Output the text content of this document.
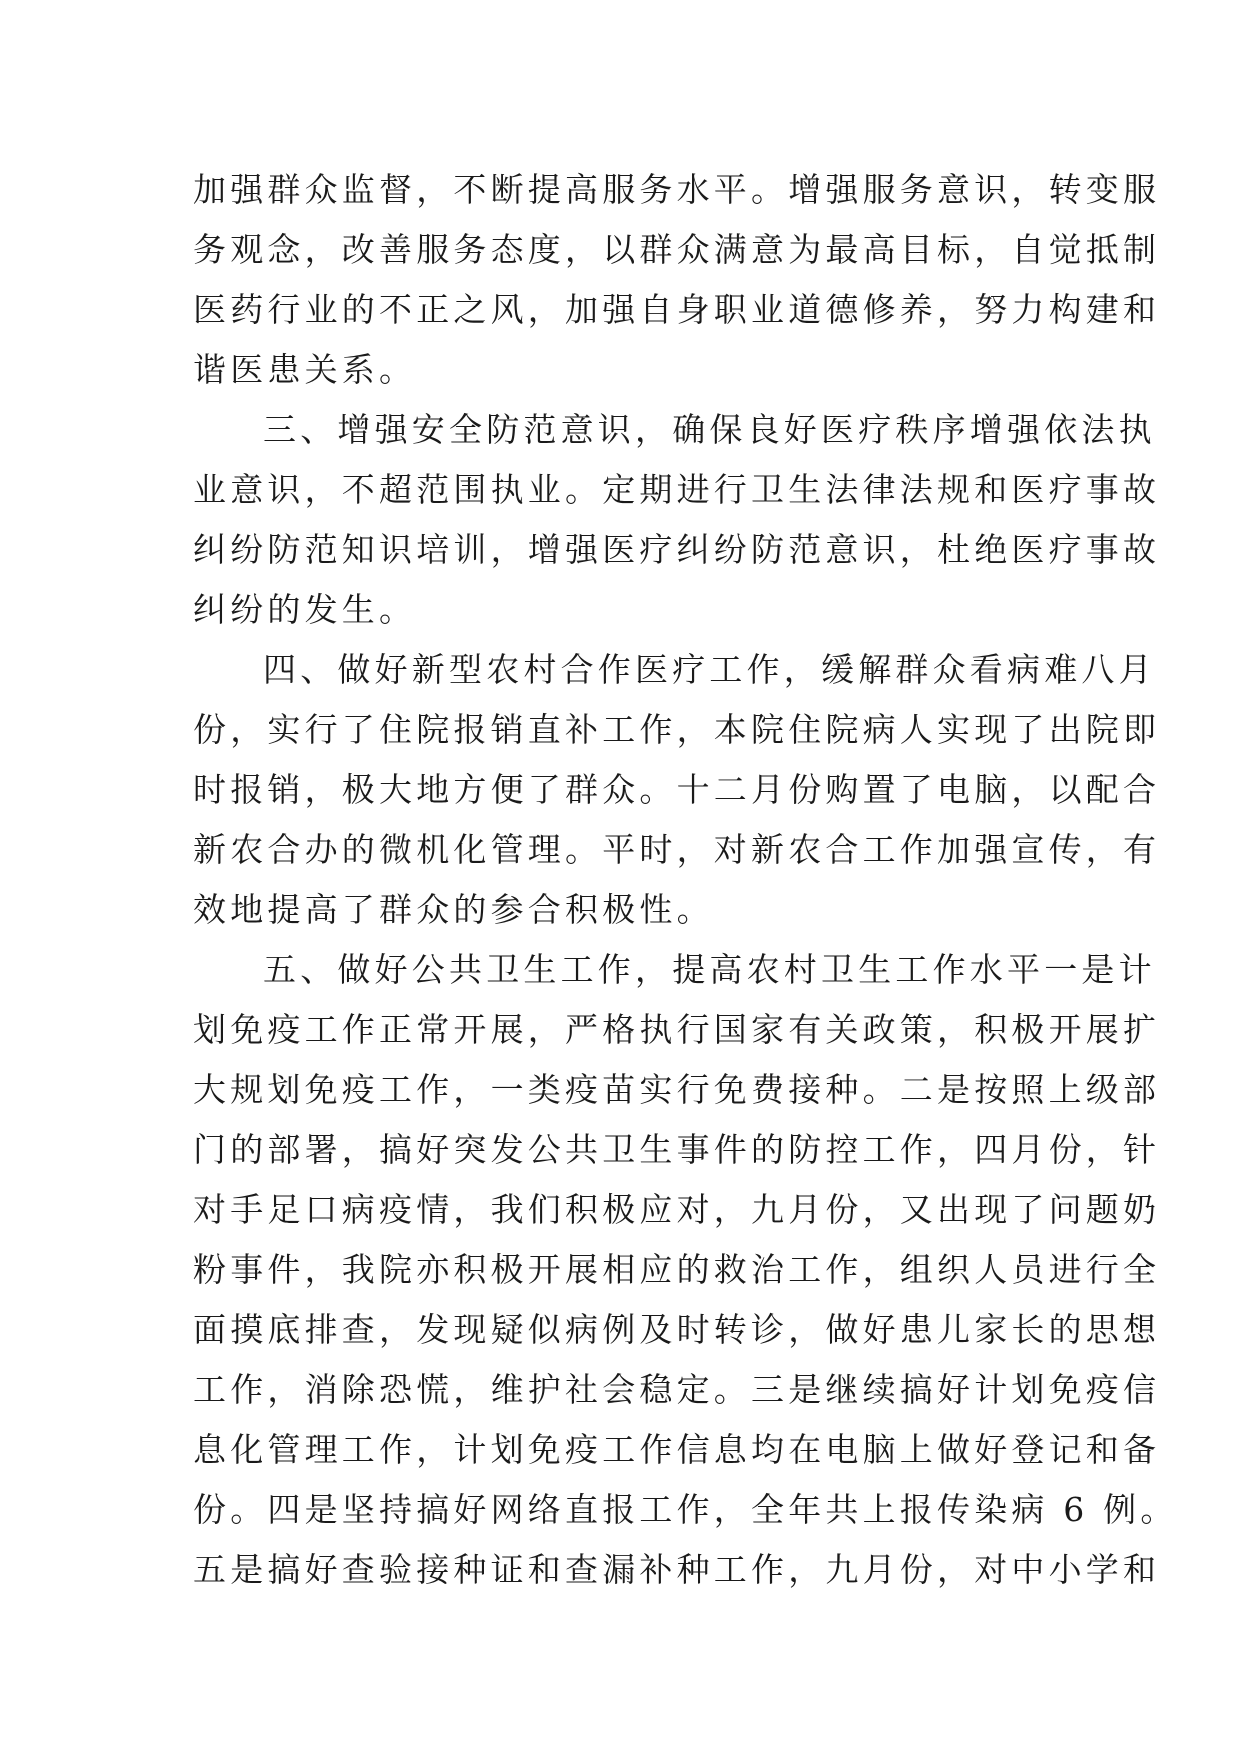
加强群众监督，不断提高服务水平。增强服务意识，转变服
务观念，改善服务态度，以群众满意为最高目标，自觉抵制
医药行业的不正之风，加强自身职业道德修养，努力构建和
谐医患关系。
三、增强安全防范意识，确保良好医疗秩序增强依法执
业意识，不超范围执业。定期进行卫生法律法规和医疗事故
纠纷防范知识培训，增强医疗纠纷防范意识，杜绝医疗事故
纠纷的发生。
四、做好新型农村合作医疗工作，缓解群众看病难八月
份，实行了住院报销直补工作，本院住院病人实现了出院即
时报销，极大地方便了群众。十二月份购置了电脑，以配合
新农合办的微机化管理。平时，对新农合工作加强宣传，有
效地提高了群众的参合积极性。
五、做好公共卫生工作，提高农村卫生工作水平一是计
划免疫工作正常开展，严格执行国家有关政策，积极开展扩
大规划免疫工作，一类疫苗实行免费接种。二是按照上级部
门的部署，搞好突发公共卫生事件的防控工作，四月份，针
对手足口病疫情，我们积极应对，九月份，又出现了问题奶
粉事件，我院亦积极开展相应的救治工作，组织人员进行全
面摸底排查，发现疑似病例及时转诊，做好患儿家长的思想
工作，消除恐慌，维护社会稳定。三是继续搞好计划免疫信
息化管理工作，计划免疫工作信息均在电脑上做好登记和备
份。四是坚持搞好网络直报工作，全年共上报传染病 6 例。
五是搞好查验接种证和查漏补种工作，九月份，对中小学和
